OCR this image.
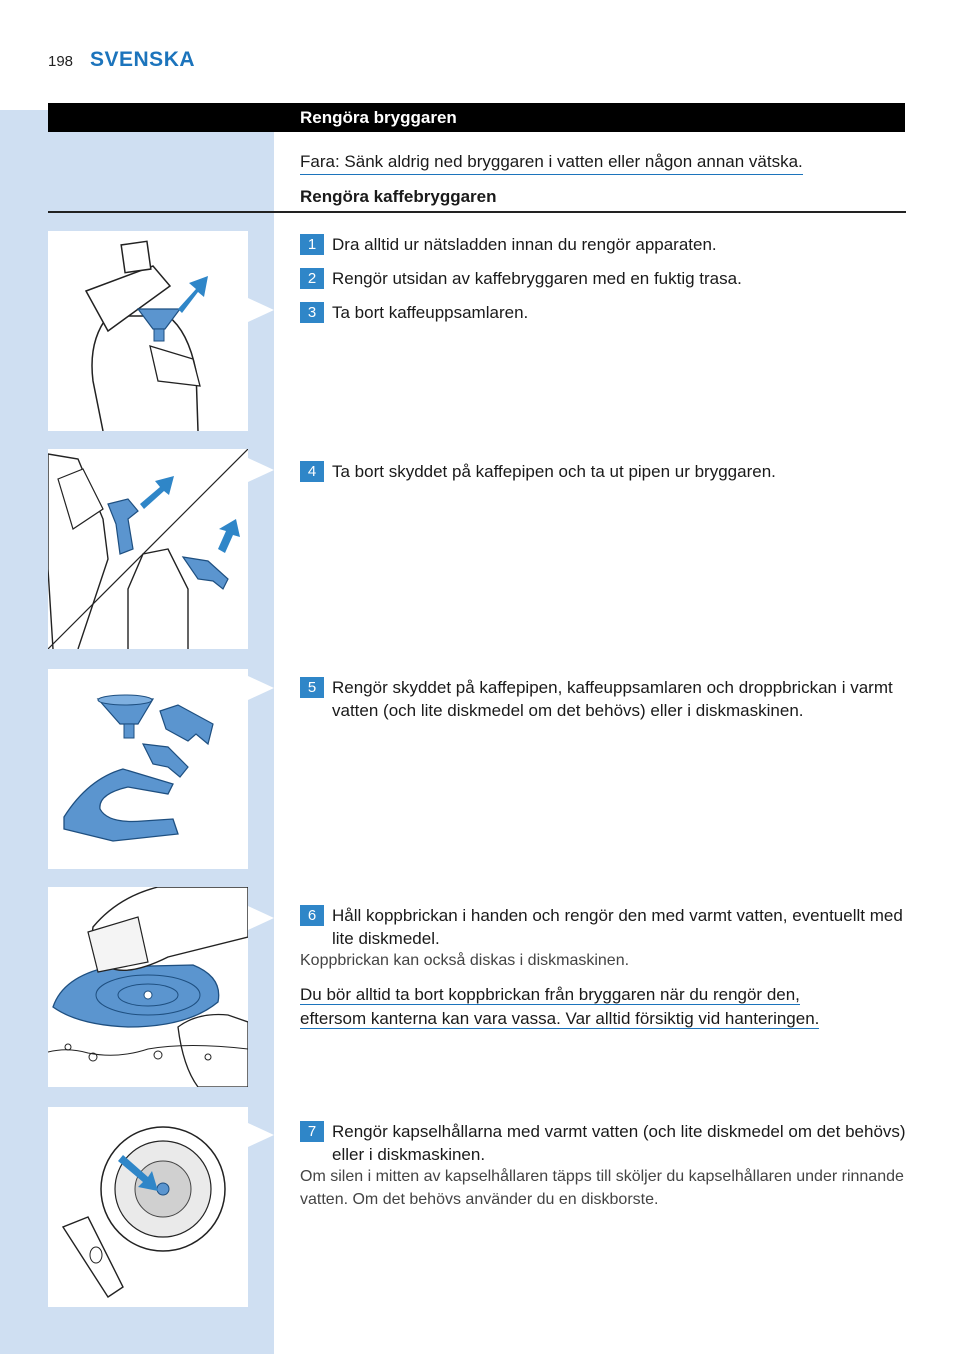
198 SVENSKA
Rengöra bryggaren
Fara: Sänk aldrig ned bryggaren i vatten eller någon annan vätska.
Rengöra kaffebryggaren
1 Dra alltid ur nätsladden innan du rengör apparaten.
2 Rengör utsidan av kaffebryggaren med en fuktig trasa.
3 Ta bort kaffeuppsamlaren.
4 Ta bort skyddet på kaffepipen och ta ut pipen ur bryggaren.
5 Rengör skyddet på kaffepipen, kaffeuppsamlaren och droppbrickan i varmt vatten (och lite diskmedel om det behövs) eller i diskmaskinen.
6 Håll koppbrickan i handen och rengör den med varmt vatten, eventuellt med lite diskmedel.
Koppbrickan kan också diskas i diskmaskinen.
Du bör alltid ta bort koppbrickan från bryggaren när du rengör den,
eftersom kanterna kan vara vassa. Var alltid försiktig vid hanteringen.
7 Rengör kapselhållarna med varmt vatten (och lite diskmedel om det behövs) eller i diskmaskinen.
Om silen i mitten av kapselhållaren täpps till sköljer du kapselhållaren under rinnande vatten. Om det behövs använder du en diskborste.
